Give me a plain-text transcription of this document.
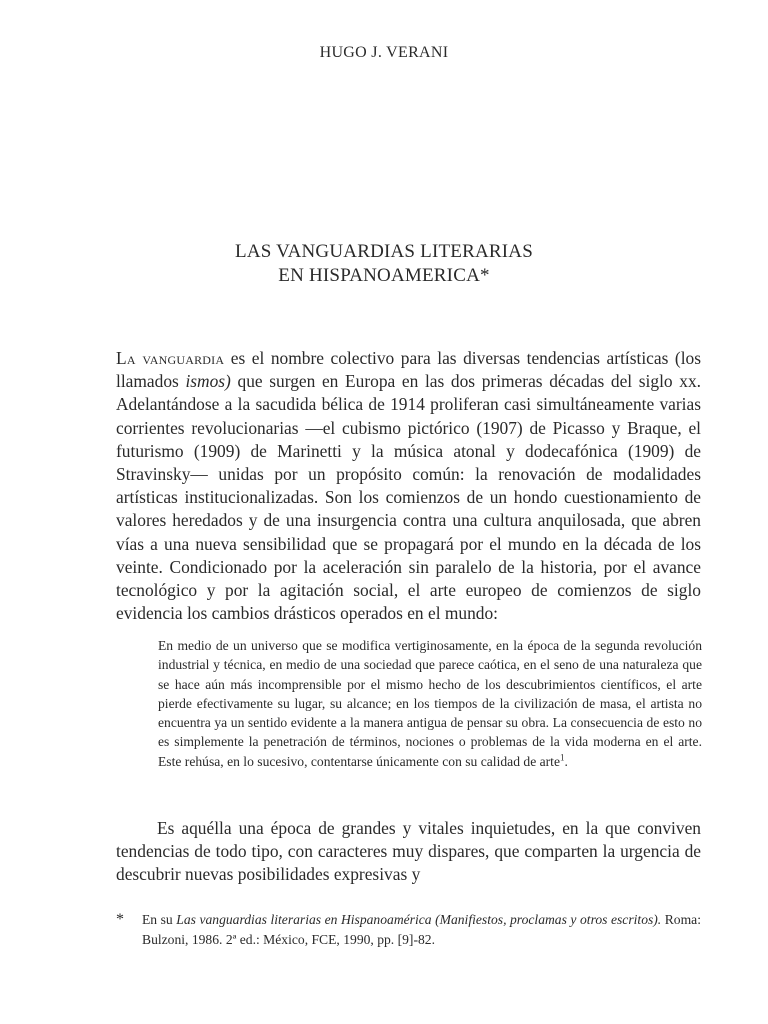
HUGO J. VERANI
LAS VANGUARDIAS LITERARIAS
EN HISPANOAMERICA*

La vanguardia es el nombre colectivo para las diversas tendencias artísticas (los llamados ismos) que surgen en Europa en las dos primeras décadas del siglo xx. Adelantándose a la sacudida bélica de 1914 proliferan casi simultáneamente varias corrientes revolucionarias —el cubismo pictórico (1907) de Picasso y Braque, el futurismo (1909) de Marinetti y la música atonal y dodecafónica (1909) de Stravinsky— unidas por un propósito común: la renovación de modalidades artísticas institucionalizadas. Son los comienzos de un hondo cuestionamiento de valores heredados y de una insurgencia contra una cultura anquilosada, que abren vías a una nueva sensibilidad que se propagará por el mundo en la década de los veinte. Condicionado por la aceleración sin paralelo de la historia, por el avance tecnológico y por la agitación social, el arte europeo de comienzos de siglo evidencia los cambios drásticos operados en el mundo:

En medio de un universo que se modifica vertiginosamente, en la época de la segunda revolución industrial y técnica, en medio de una sociedad que parece caótica, en el seno de una naturaleza que se hace aún más incomprensible por el mismo hecho de los descubrimientos científicos, el arte pierde efectivamente su lugar, su alcance; en los tiempos de la civilización de masa, el artista no encuentra ya un sentido evidente a la manera antigua de pensar su obra. La consecuencia de esto no es simplemente la penetración de términos, nociones o problemas de la vida moderna en el arte. Este rehúsa, en lo sucesivo, contentarse únicamente con su calidad de arte$^1$.

Es aquélla una época de grandes y vitales inquietudes, en la que conviven tendencias de todo tipo, con caracteres muy dispares, que comparten la urgencia de descubrir nuevas posibilidades expresivas y

* En su Las vanguardias literarias en Hispanoamérica (Manifiestos, proclamas y otros escritos). Roma: Bulzoni, 1986. 2ª ed.: México, FCE, 1990, pp. [9]-82.
